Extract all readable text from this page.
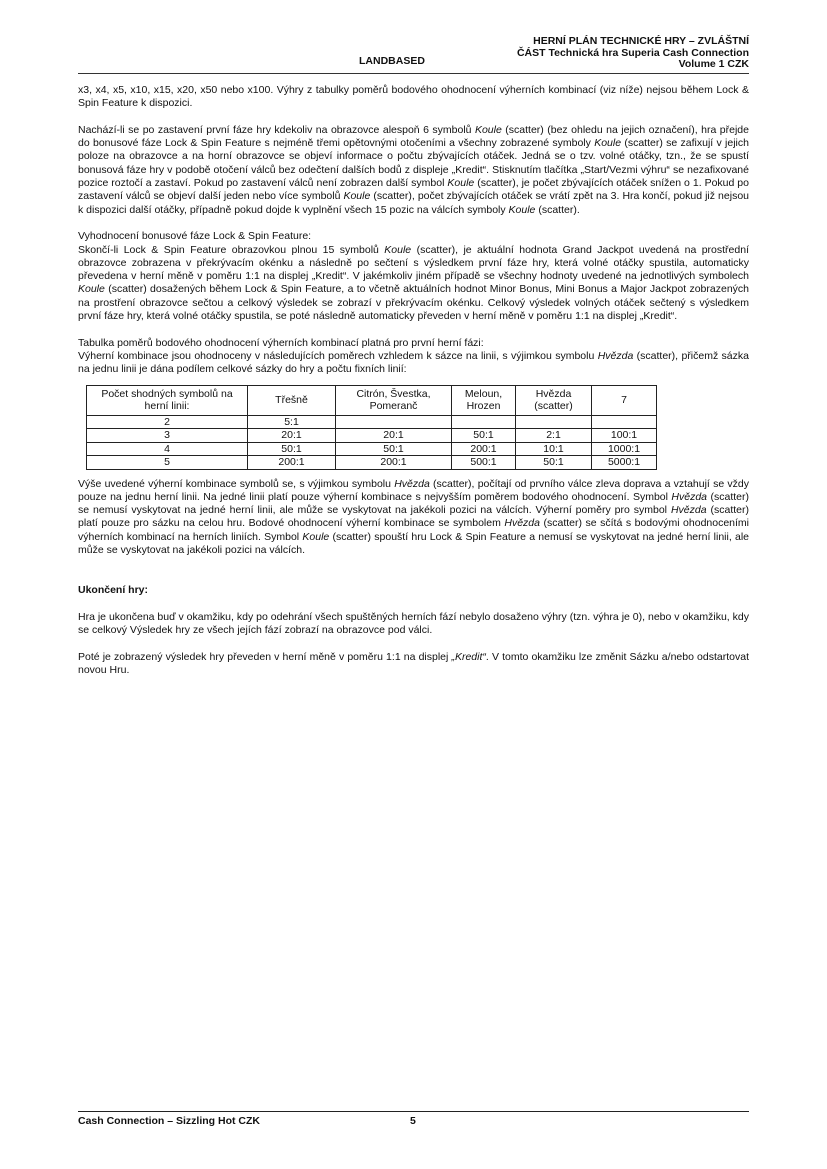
LANDBASED
HERNÍ PLÁN TECHNICKÉ HRY – ZVLÁŠTNÍ
ČÁST Technická hra Superia Cash Connection
Volume 1 CZK

x3, x4, x5, x10, x15, x20, x50 nebo x100. Výhry z tabulky poměrů bodového ohodnocení výherních kombinací (viz níže) nejsou během Lock & Spin Feature k dispozici.

Nachází-li se po zastavení první fáze hry kdekoliv na obrazovce alespoň 6 symbolů Koule (scatter) (bez ohledu na jejich označení), hra přejde do bonusové fáze Lock & Spin Feature s nejméně třemi opětovnými otočeními a všechny zobrazené symboly Koule (scatter) se zafixují v jejich poloze na obrazovce a na horní obrazovce se objeví informace o počtu zbývajících otáček. Jedná se o tzv. volné otáčky, tzn., že se spustí bonusová fáze hry v podobě otočení válců bez odečtení dalších bodů z displeje „Kredit“. Stisknutím tlačítka „Start/Vezmi výhru“ se nezafixované pozice roztočí a zastaví. Pokud po zastavení válců není zobrazen další symbol Koule (scatter), je počet zbývajících otáček snížen o 1. Pokud po zastavení válců se objeví další jeden nebo více symbolů Koule (scatter), počet zbývajících otáček se vrátí zpět na 3. Hra končí, pokud již nejsou k dispozici další otáčky, případně pokud dojde k vyplnění všech 15 pozic na válcích symboly Koule (scatter).

Vyhodnocení bonusové fáze Lock & Spin Feature:

Skončí-li Lock & Spin Feature obrazovkou plnou 15 symbolů Koule (scatter), je aktuální hodnota Grand Jackpot uvedená na prostřední obrazovce zobrazena v překrývacím okénku a následně po sečtení s výsledkem první fáze hry, která volné otáčky spustila, automaticky převedena v herní měně v poměru 1:1 na displej „Kredit“. V jakémkoliv jiném případě se všechny hodnoty uvedené na jednotlivých symbolech Koule (scatter) dosažených během Lock & Spin Feature, a to včetně aktuálních hodnot Minor Bonus, Mini Bonus a Major Jackpot zobrazených na prostření obrazovce sečtou a celkový výsledek se zobrazí v překrývacím okénku. Celkový výsledek volných otáček sečtený s výsledkem první fáze hry, která volné otáčky spustila, se poté následně automaticky převeden v herní měně v poměru 1:1 na displej „Kredit“.

Tabulka poměrů bodového ohodnocení výherních kombinací platná pro první herní fázi:

Výherní kombinace jsou ohodnoceny v následujících poměrech vzhledem k sázce na linii, s výjimkou symbolu Hvězda (scatter), přičemž sázka na jednu linii je dána podílem celkové sázky do hry a počtu fixních linií:

Počet shodných symbolů na herní linii:	Třešně	Citrón, Švestka, Pomeranč	Meloun, Hrozen	Hvězda (scatter)	7
2	5:1				
3	20:1	20:1	50:1	2:1	100:1
4	50:1	50:1	200:1	10:1	1000:1
5	200:1	200:1	500:1	50:1	5000:1

Výše uvedené výherní kombinace symbolů se, s výjimkou symbolu Hvězda (scatter), počítají od prvního válce zleva doprava a vztahují se vždy pouze na jednu herní linii. Na jedné linii platí pouze výherní kombinace s nejvyšším poměrem bodového ohodnocení. Symbol Hvězda (scatter) se nemusí vyskytovat na jedné herní linii, ale může se vyskytovat na jakékoli pozici na válcích. Výherní poměry pro symbol Hvězda (scatter) platí pouze pro sázku na celou hru. Bodové ohodnocení výherní kombinace se symbolem Hvězda (scatter) se sčítá s bodovými ohodnoceními výherních kombinací na herních liniích. Symbol Koule (scatter) spouští hru Lock & Spin Feature a nemusí se vyskytovat na jedné herní linii, ale může se vyskytovat na jakékoli pozici na válcích.

Ukončení hry:

Hra je ukončena buď v okamžiku, kdy po odehrání všech spuštěných herních fází nebylo dosaženo výhry (tzn. výhra je 0), nebo v okamžiku, kdy se celkový Výsledek hry ze všech jejích fází zobrazí na obrazovce pod válci.

Poté je zobrazený výsledek hry převeden v herní měně v poměru 1:1 na displej „Kredit“. V tomto okamžiku lze změnit Sázku a/nebo odstartovat novou Hru.

Cash Connection – Sizzling Hot CZK	5
